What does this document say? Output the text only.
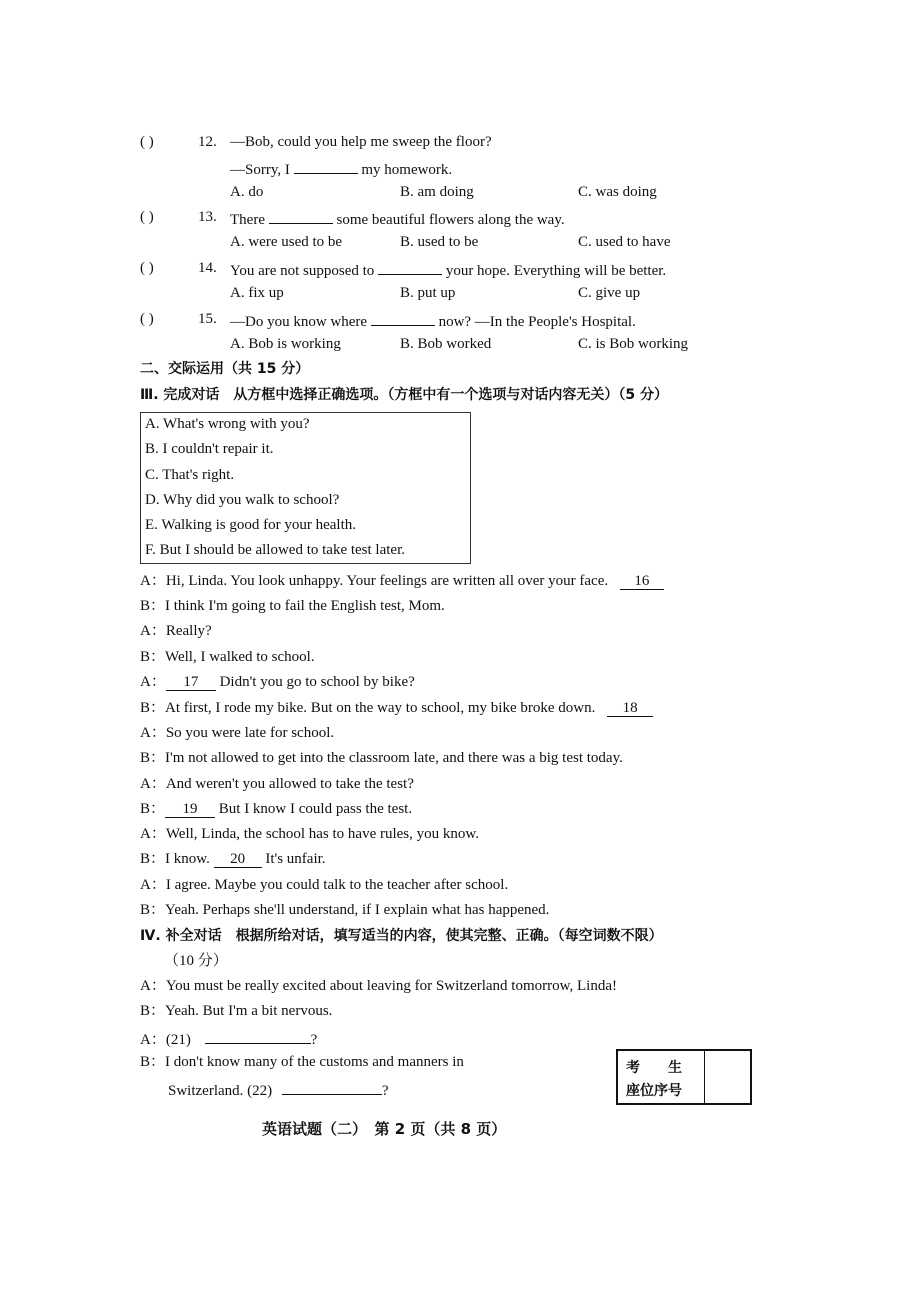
( )	12. —Bob, could you help me sweep the floor?
—Sorry, I	my homework.
A. do	B. am doing	C. was doing
( )	13. There	some beautiful flowers along the way.
A. were used to be	B. used to be	C. used to have
( )	14. You are not supposed to	your hope. Everything will be better.
A. fix up	B. put up	C. give up
( )	15. —Do you know where	now? —In the People's Hospital.
A. Bob is working	B. Bob worked	C. is Bob working
二、交际运用（共 15 分）
Ⅲ. 完成对话　从方框中选择正确选项。（方框中有一个选项与对话内容无关）（5 分）
A. What's wrong with you?
B. I couldn't repair it.
C. That's right.
D. Why did you walk to school?
E. Walking is good for your health.
F. But I should be allowed to take test later.
A：Hi, Linda. You look unhappy. Your feelings are written all over your face. 16
B：I think I'm going to fail the English test, Mom.
A：Really?
B：Well, I walked to school.
A： 17 Didn't you go to school by bike?
B：At first, I rode my bike. But on the way to school, my bike broke down. 18
A：So you were late for school.
B：I'm not allowed to get into the classroom late, and there was a big test today.
A：And weren't you allowed to take the test?
B： 19 But I know I could pass the test.
A：Well, Linda, the school has to have rules, you know.
B：I know. 20 It's unfair.
A：I agree. Maybe you could talk to the teacher after school.
B：Yeah. Perhaps she'll understand, if I explain what has happened.
Ⅳ. 补全对话　根据所给对话，填写适当的内容，使其完整、正确。（每空词数不限）
（10 分）
A：You must be really excited about leaving for Switzerland tomorrow, Linda!
B：Yeah. But I'm a bit nervous.
A：(21)	?
B：I don't know many of the customs and manners in
Switzerland. (22)	?
考　　生
座位序号
英语试题（二）　第 2 页（共 8 页）
